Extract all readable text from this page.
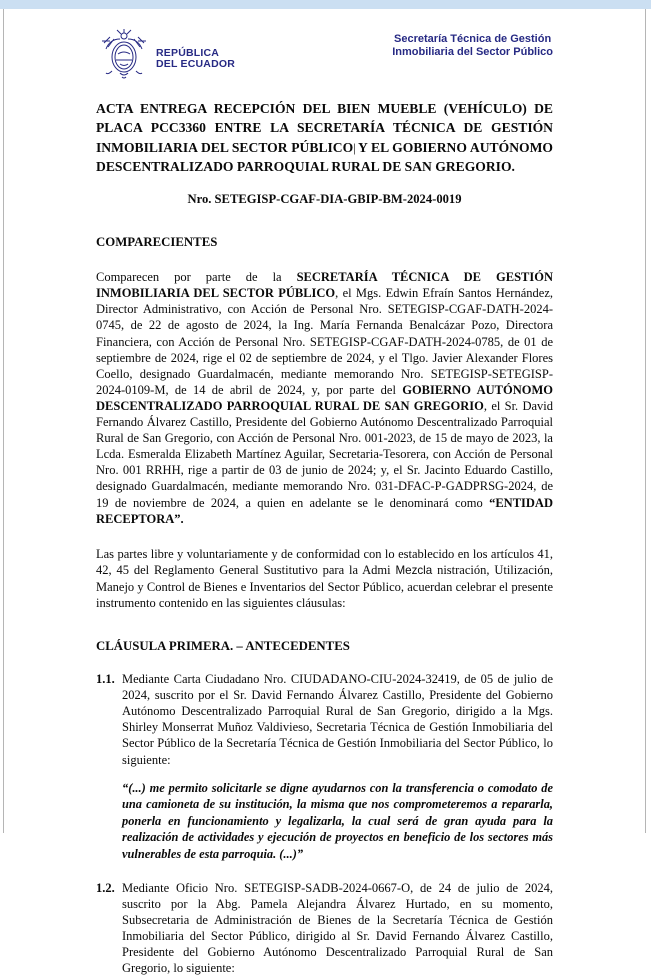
REPÚBLICA
DEL ECUADOR
Secretaría Técnica de Gestión
Inmobiliaria del Sector Público
ACTA ENTREGA RECEPCIÓN DEL BIEN MUEBLE (VEHÍCULO) DE PLACA PCC3360 ENTRE LA SECRETARÍA TÉCNICA DE GESTIÓN INMOBILIARIA DEL SECTOR PÚBLICO| Y EL GOBIERNO AUTÓNOMO DESCENTRALIZADO PARROQUIAL RURAL DE SAN GREGORIO.
Nro. SETEGISP-CGAF-DIA-GBIP-BM-2024-0019
COMPARECIENTES
Comparecen por parte de la SECRETARÍA TÉCNICA DE GESTIÓN INMOBILIARIA DEL SECTOR PÚBLICO, el Mgs. Edwin Efraín Santos Hernández, Director Administrativo, con Acción de Personal Nro. SETEGISP-CGAF-DATH-2024-0745, de 22 de agosto de 2024, la Ing. María Fernanda Benalcázar Pozo, Directora Financiera, con Acción de Personal Nro. SETEGISP-CGAF-DATH-2024-0785, de 01 de septiembre de 2024, rige el 02 de septiembre de 2024, y el Tlgo. Javier Alexander Flores Coello, designado Guardalmacén, mediante memorando Nro. SETEGISP-SETEGISP-2024-0109-M, de 14 de abril de 2024, y, por parte del GOBIERNO AUTÓNOMO DESCENTRALIZADO PARROQUIAL RURAL DE SAN GREGORIO, el Sr. David Fernando Álvarez Castillo, Presidente del Gobierno Autónomo Descentralizado Parroquial Rural de San Gregorio, con Acción de Personal Nro. 001-2023, de 15 de mayo de 2023, la Lcda. Esmeralda Elizabeth Martínez Aguilar, Secretaria-Tesorera, con Acción de Personal Nro. 001 RRHH, rige a partir de 03 de junio de 2024; y, el Sr. Jacinto Eduardo Castillo, designado Guardalmacén, mediante memorando Nro. 031-DFAC-P-GADPRSG-2024, de 19 de noviembre de 2024, a quien en adelante se le denominará como “ENTIDAD RECEPTORA”.
Las partes libre y voluntariamente y de conformidad con lo establecido en los artículos 41, 42, 45 del Reglamento General Sustitutivo para la Admi Mezcla nistración, Utilización, Manejo y Control de Bienes e Inventarios del Sector Público, acuerdan celebrar el presente instrumento contenido en las siguientes cláusulas:
CLÁUSULA PRIMERA. – ANTECEDENTES
1.1. Mediante Carta Ciudadano Nro. CIUDADANO-CIU-2024-32419, de 05 de julio de 2024, suscrito por el Sr. David Fernando Álvarez Castillo, Presidente del Gobierno Autónomo Descentralizado Parroquial Rural de San Gregorio, dirigido a la Mgs. Shirley Monserrat Muñoz Valdivieso, Secretaria Técnica de Gestión Inmobiliaria del Sector Público de la Secretaría Técnica de Gestión Inmobiliaria del Sector Público, lo siguiente:
“(...) me permito solicitarle se digne ayudarnos con la transferencia o comodato de una camioneta de su institución, la misma que nos comprometeremos a repararla, ponerla en funcionamiento y legalizarla, la cual será de gran ayuda para la realización de actividades y ejecución de proyectos en beneficio de los sectores más vulnerables de esta parroquia. (...)”
1.2. Mediante Oficio Nro. SETEGISP-SADB-2024-0667-O, de 24 de julio de 2024, suscrito por la Abg. Pamela Alejandra Álvarez Hurtado, en su momento, Subsecretaria de Administración de Bienes de la Secretaría Técnica de Gestión Inmobiliaria del Sector Público, dirigido al Sr. David Fernando Álvarez Castillo, Presidente del Gobierno Autónomo Descentralizado Parroquial Rural de San Gregorio, lo siguiente:
